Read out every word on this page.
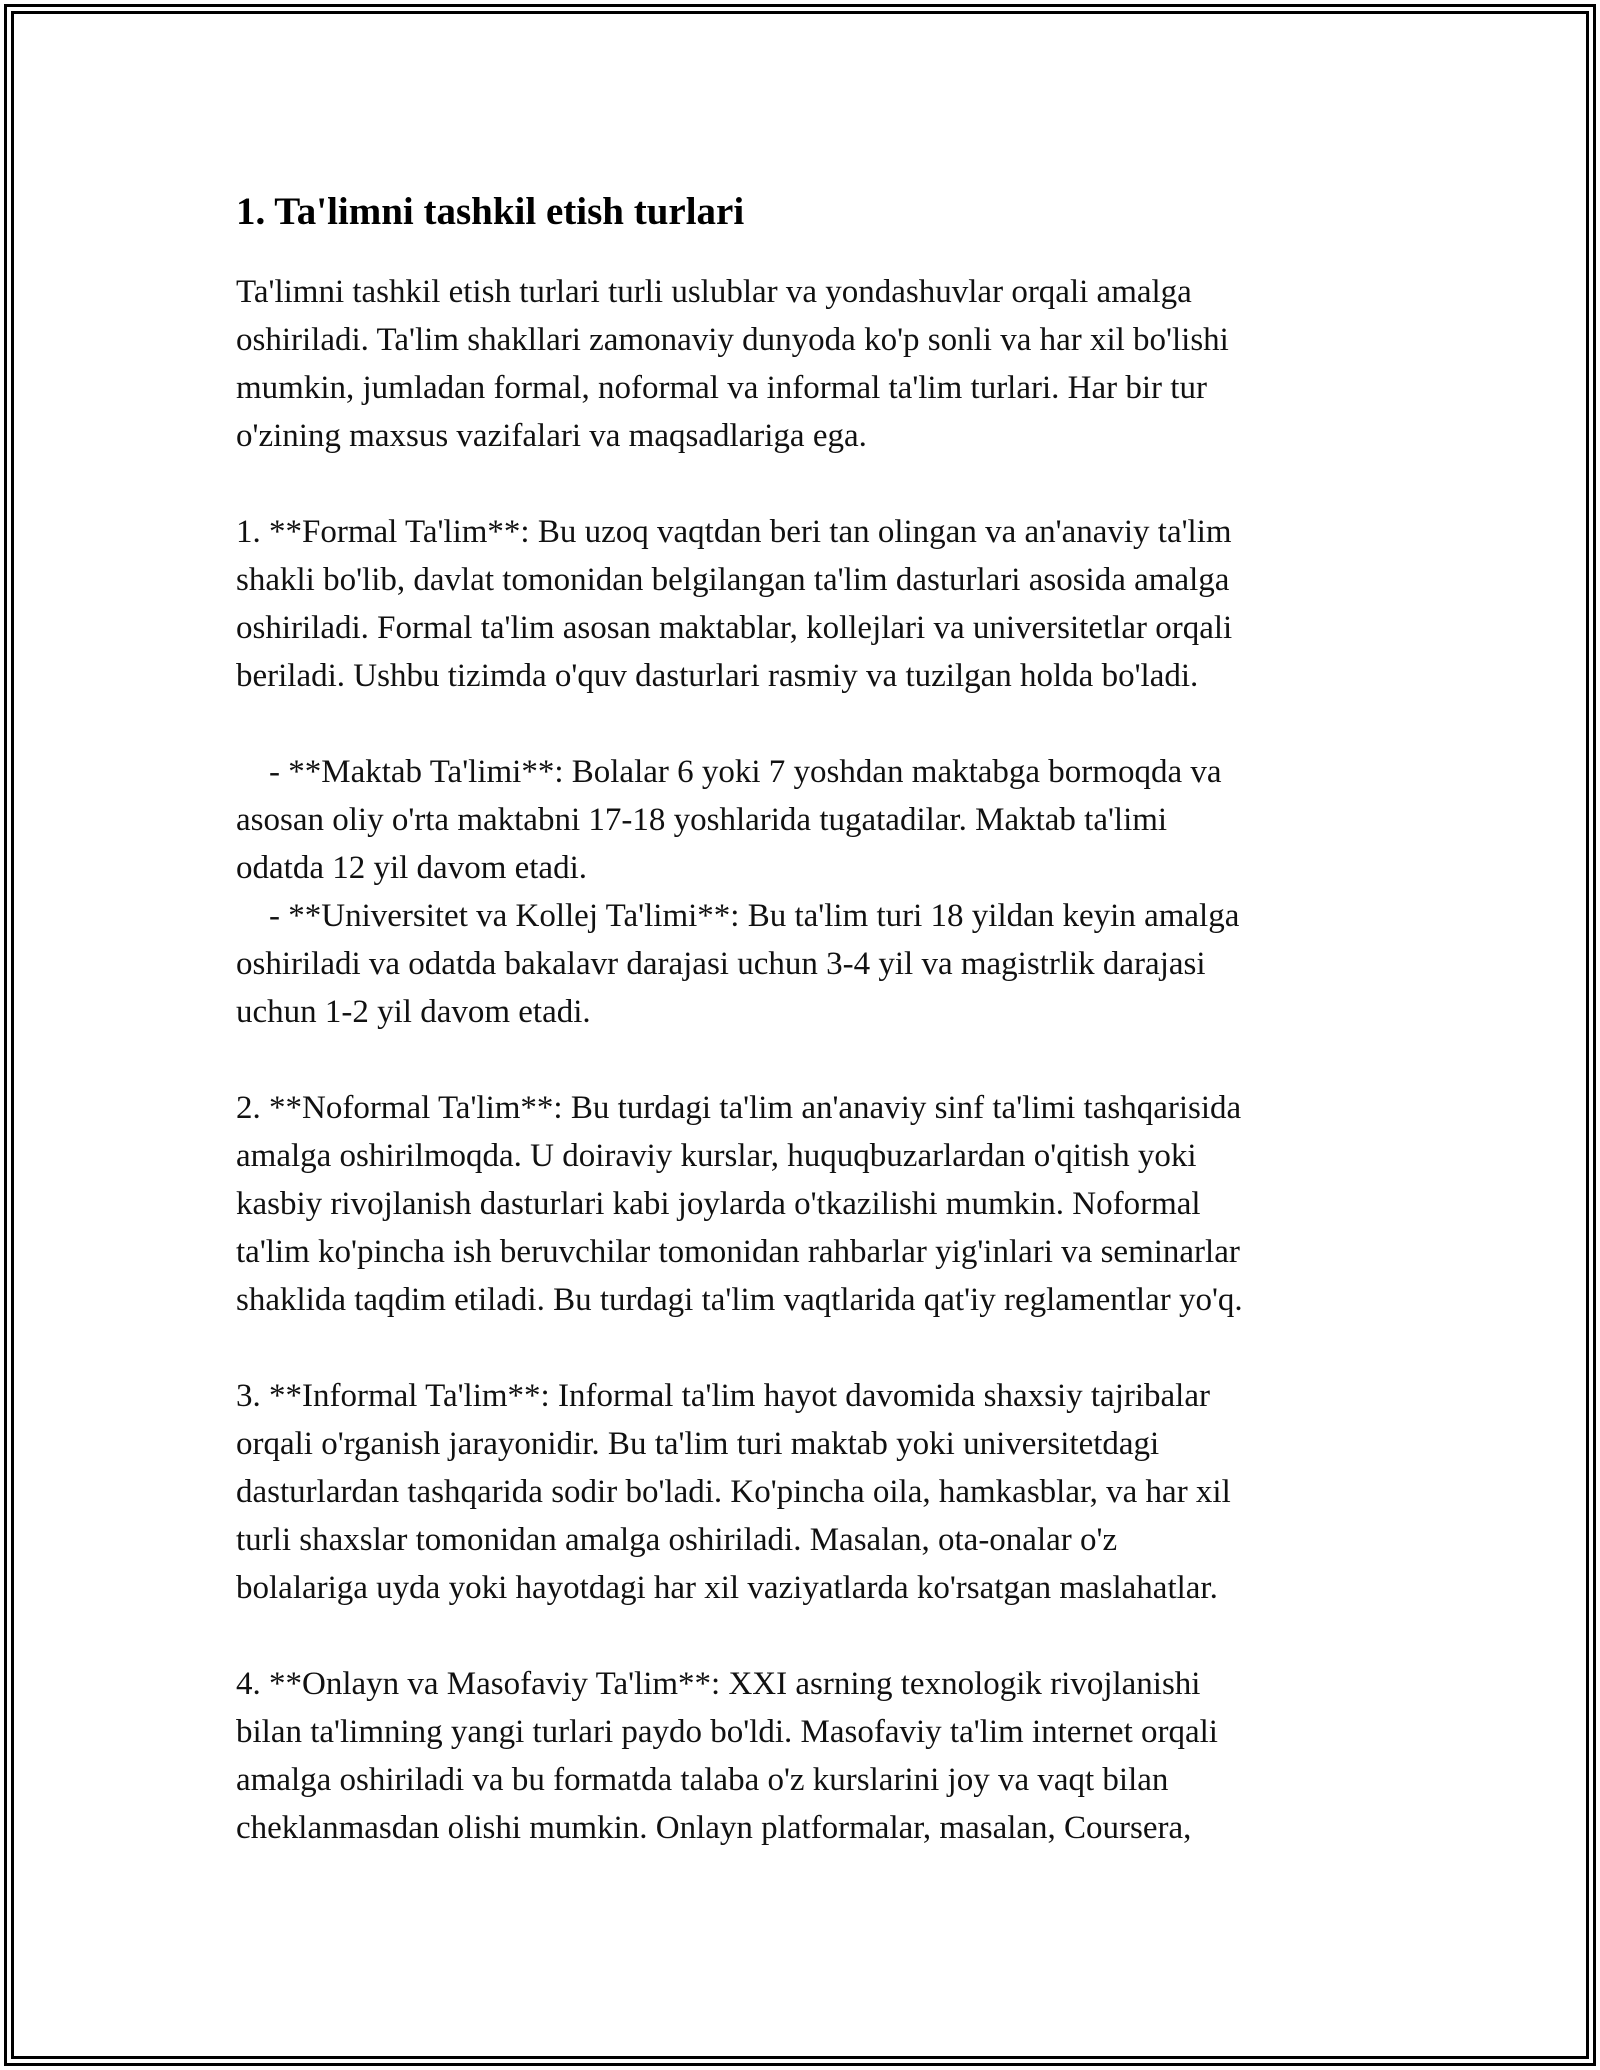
1. Ta'limni tashkil etish turlari
Ta'limni tashkil etish turlari turli uslublar va yondashuvlar orqali amalga
oshiriladi. Ta'lim shakllari zamonaviy dunyoda ko'p sonli va har xil bo'lishi
mumkin, jumladan formal, noformal va informal ta'lim turlari. Har bir tur
o'zining maxsus vazifalari va maqsadlariga ega.
1. **Formal Ta'lim**: Bu uzoq vaqtdan beri tan olingan va an'anaviy ta'lim
shakli bo'lib, davlat tomonidan belgilangan ta'lim dasturlari asosida amalga
oshiriladi. Formal ta'lim asosan maktablar, kollejlari va universitetlar orqali
beriladi. Ushbu tizimda o'quv dasturlari rasmiy va tuzilgan holda bo'ladi.
- **Maktab Ta'limi**: Bolalar 6 yoki 7 yoshdan maktabga bormoqda va
asosan oliy o'rta maktabni 17-18 yoshlarida tugatadilar. Maktab ta'limi
odatda 12 yil davom etadi.
- **Universitet va Kollej Ta'limi**: Bu ta'lim turi 18 yildan keyin amalga
oshiriladi va odatda bakalavr darajasi uchun 3-4 yil va magistrlik darajasi
uchun 1-2 yil davom etadi.
2. **Noformal Ta'lim**: Bu turdagi ta'lim an'anaviy sinf ta'limi tashqarisida
amalga oshirilmoqda. U doiraviy kurslar, huquqbuzarlardan o'qitish yoki
kasbiy rivojlanish dasturlari kabi joylarda o'tkazilishi mumkin. Noformal
ta'lim ko'pincha ish beruvchilar tomonidan rahbarlar yig'inlari va seminarlar
shaklida taqdim etiladi. Bu turdagi ta'lim vaqtlarida qat'iy reglamentlar yo'q.
3. **Informal Ta'lim**: Informal ta'lim hayot davomida shaxsiy tajribalar
orqali o'rganish jarayonidir. Bu ta'lim turi maktab yoki universitetdagi
dasturlardan tashqarida sodir bo'ladi. Ko'pincha oila, hamkasblar, va har xil
turli shaxslar tomonidan amalga oshiriladi. Masalan, ota-onalar o'z
bolalariga uyda yoki hayotdagi har xil vaziyatlarda ko'rsatgan maslahatlar.
4. **Onlayn va Masofaviy Ta'lim**: XXI asrning texnologik rivojlanishi
bilan ta'limning yangi turlari paydo bo'ldi. Masofaviy ta'lim internet orqali
amalga oshiriladi va bu formatda talaba o'z kurslarini joy va vaqt bilan
cheklanmasdan olishi mumkin. Onlayn platformalar, masalan, Coursera,
